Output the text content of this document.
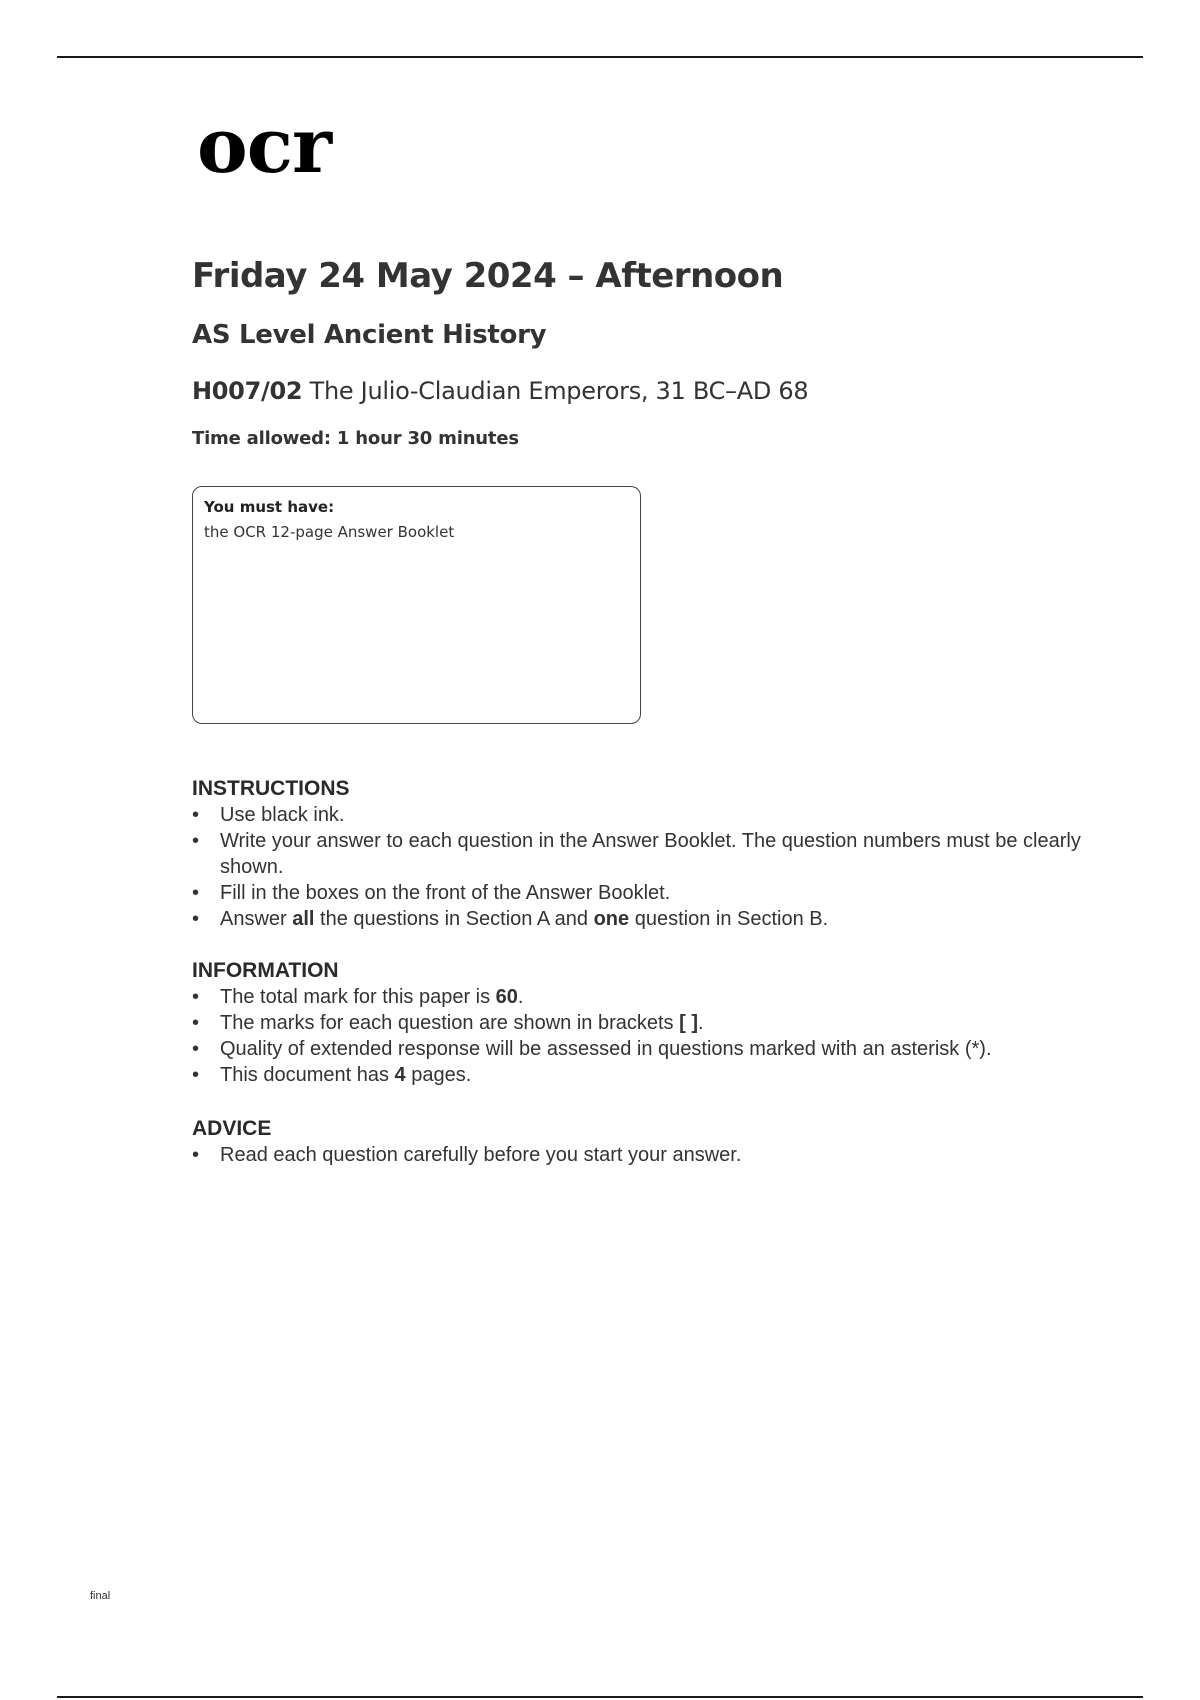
ocr
Friday 24 May 2024 – Afternoon
AS Level Ancient History
H007/02 The Julio-Claudian Emperors, 31 BC–AD 68
Time allowed: 1 hour 30 minutes
You must have:
the OCR 12-page Answer Booklet
INSTRUCTIONS
• Use black ink.
• Write your answer to each question in the Answer Booklet. The question numbers must be clearly shown.
• Fill in the boxes on the front of the Answer Booklet.
• Answer all the questions in Section A and one question in Section B.
INFORMATION
• The total mark for this paper is 60.
• The marks for each question are shown in brackets [ ].
• Quality of extended response will be assessed in questions marked with an asterisk (*).
• This document has 4 pages.
ADVICE
• Read each question carefully before you start your answer.
final
